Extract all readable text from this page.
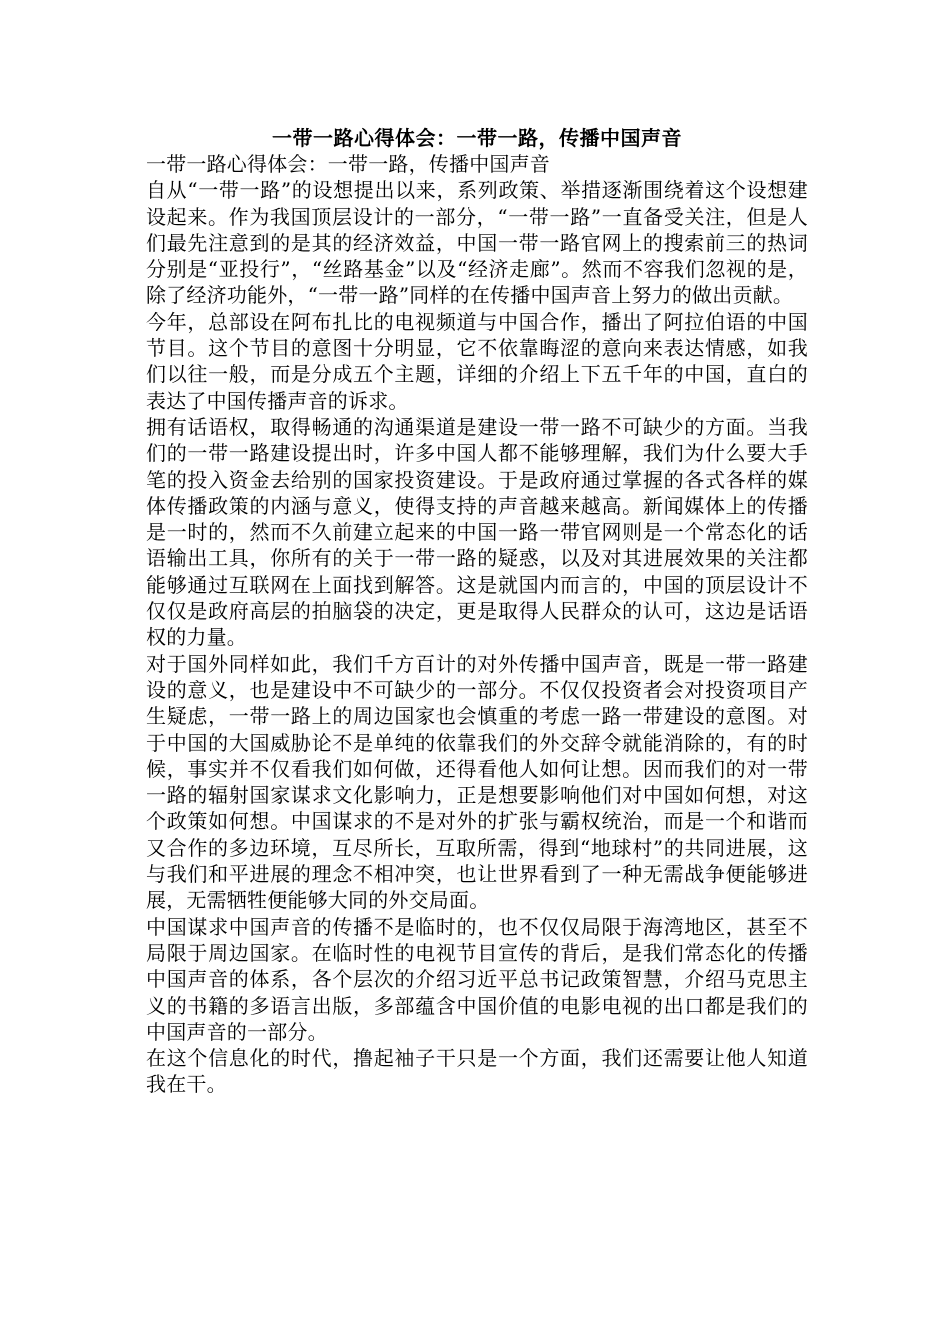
一带一路心得体会：一带一路，传播中国声音

一带一路心得体会：一带一路，传播中国声音

自从“一带一路”的设想提出以来，系列政策、举措逐渐围绕着这个设想建设起来。作为我国顶层设计的一部分，“一带一路”一直备受关注，但是人们最先注意到的是其的经济效益，中国一带一路官网上的搜索前三的热词分别是“亚投行”，“丝路基金”以及“经济走廊”。然而不容我们忽视的是，除了经济功能外，“一带一路”同样的在传播中国声音上努力的做出贡献。

今年，总部设在阿布扎比的电视频道与中国合作，播出了阿拉伯语的中国节目。这个节目的意图十分明显，它不依靠晦涩的意向来表达情感，如我们以往一般，而是分成五个主题，详细的介绍上下五千年的中国，直白的表达了中国传播声音的诉求。

拥有话语权，取得畅通的沟通渠道是建设一带一路不可缺少的方面。当我们的一带一路建设提出时，许多中国人都不能够理解，我们为什么要大手笔的投入资金去给别的国家投资建设。于是政府通过掌握的各式各样的媒体传播政策的内涵与意义，使得支持的声音越来越高。新闻媒体上的传播是一时的，然而不久前建立起来的中国一路一带官网则是一个常态化的话语输出工具，你所有的关于一带一路的疑惑，以及对其进展效果的关注都能够通过互联网在上面找到解答。这是就国内而言的，中国的顶层设计不仅仅是政府高层的拍脑袋的决定，更是取得人民群众的认可，这边是话语权的力量。

对于国外同样如此，我们千方百计的对外传播中国声音，既是一带一路建设的意义，也是建设中不可缺少的一部分。不仅仅投资者会对投资项目产生疑虑，一带一路上的周边国家也会慎重的考虑一路一带建设的意图。对于中国的大国威胁论不是单纯的依靠我们的外交辞令就能消除的，有的时候，事实并不仅看我们如何做，还得看他人如何让想。因而我们的对一带一路的辐射国家谋求文化影响力，正是想要影响他们对中国如何想，对这个政策如何想。中国谋求的不是对外的扩张与霸权统治，而是一个和谐而又合作的多边环境，互尽所长，互取所需，得到“地球村”的共同进展，这与我们和平进展的理念不相冲突，也让世界看到了一种无需战争便能够进展，无需牺牲便能够大同的外交局面。

中国谋求中国声音的传播不是临时的，也不仅仅局限于海湾地区，甚至不局限于周边国家。在临时性的电视节目宣传的背后，是我们常态化的传播中国声音的体系，各个层次的介绍习近平总书记政策智慧，介绍马克思主义的书籍的多语言出版，多部蕴含中国价值的电影电视的出口都是我们的中国声音的一部分。

在这个信息化的时代，撸起袖子干只是一个方面，我们还需要让他人知道我在干。
